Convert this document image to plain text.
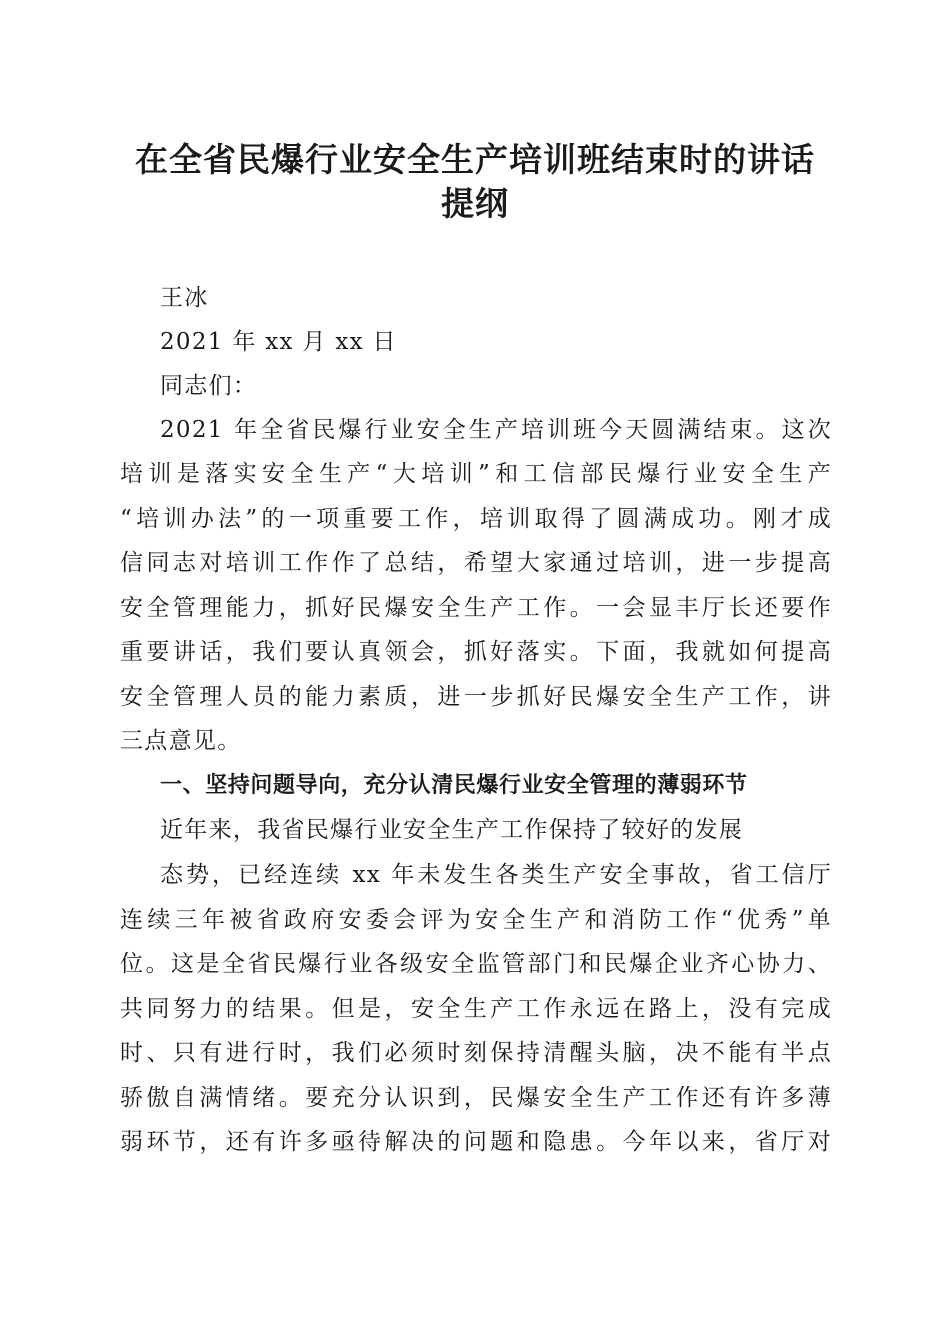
在全省民爆行业安全生产培训班结束时的讲话
提纲
王冰
2021 年 xx 月 xx 日
同志们：
2021 年全省民爆行业安全生产培训班今天圆满结束。这次
培训是落实安全生产“大培训”和工信部民爆行业安全生产
“培训办法”的一项重要工作，培训取得了圆满成功。刚才成
信同志对培训工作作了总结，希望大家通过培训，进一步提高
安全管理能力，抓好民爆安全生产工作。一会显丰厅长还要作
重要讲话，我们要认真领会，抓好落实。下面，我就如何提高
安全管理人员的能力素质，进一步抓好民爆安全生产工作，讲
三点意见。
一、坚持问题导向，充分认清民爆行业安全管理的薄弱环节
近年来，我省民爆行业安全生产工作保持了较好的发展
态势，已经连续 xx 年未发生各类生产安全事故，省工信厅
连续三年被省政府安委会评为安全生产和消防工作“优秀”单
位。这是全省民爆行业各级安全监管部门和民爆企业齐心协力、
共同努力的结果。但是，安全生产工作永远在路上，没有完成
时、只有进行时，我们必须时刻保持清醒头脑，决不能有半点
骄傲自满情绪。要充分认识到，民爆安全生产工作还有许多薄
弱环节，还有许多亟待解决的问题和隐患。今年以来，省厅对
